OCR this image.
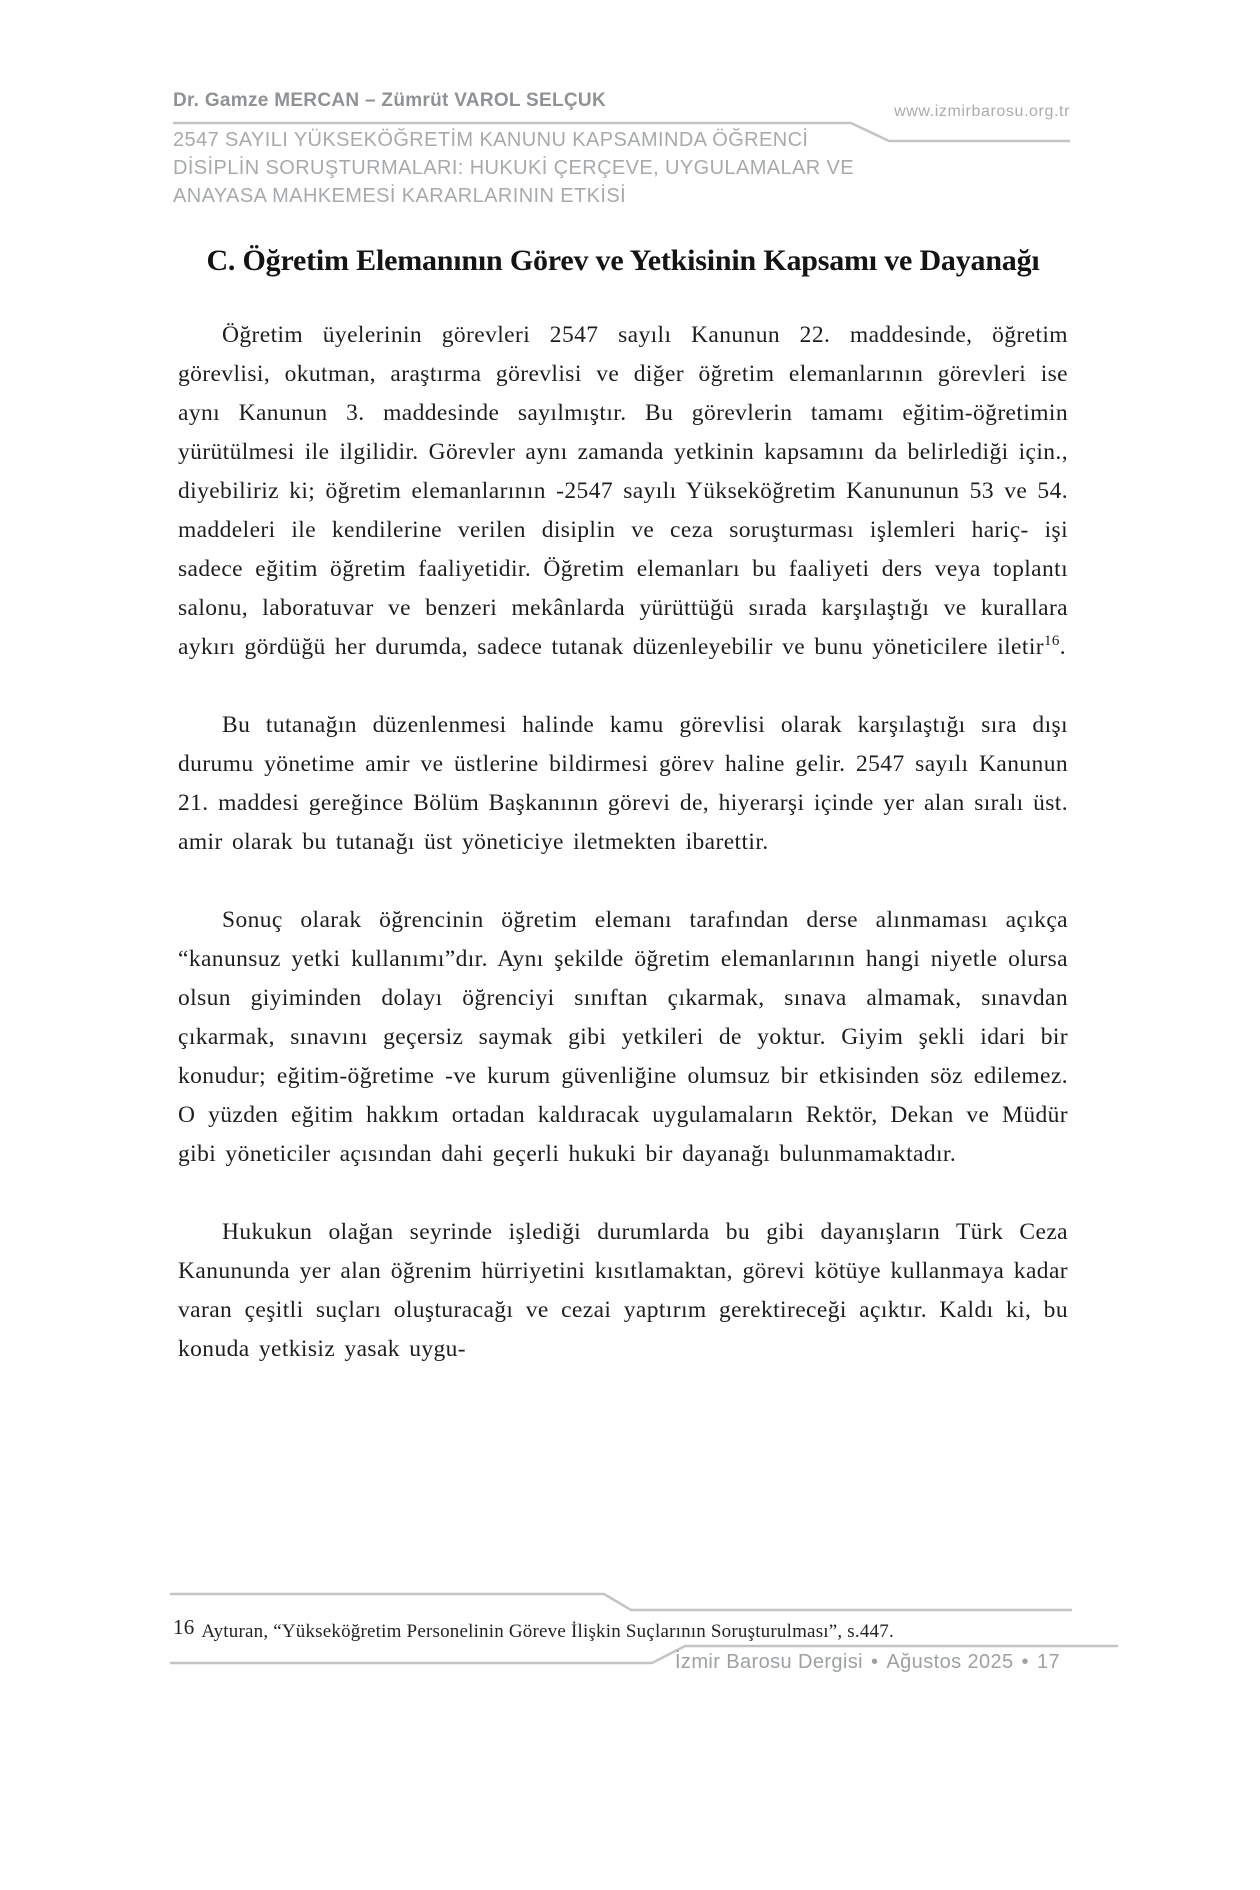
Dr. Gamze MERCAN – Zümrüt VAROL SELÇUK
www.izmirbarosu.org.tr
2547 SAYILI YÜKSEKÖĞRETİM KANUNU KAPSAMINDA ÖĞRENCİ
DİSİPLİN SORUŞTURMALARI: HUKUKİ ÇERÇEVE, UYGULAMALAR VE
ANAYASA MAHKEMESİ KARARLARININ ETKİSİ
C. Öğretim Elemanının Görev ve Yetkisinin Kapsamı ve Dayanağı

Öğretim üyelerinin görevleri 2547 sayılı Kanunun 22. maddesinde, öğretim görevlisi, okutman, araştırma görevlisi ve diğer öğretim elemanlarının görevleri ise aynı Kanunun 3. maddesinde sayılmıştır. Bu görevlerin tamamı eğitim-öğretimin yürütülmesi ile ilgilidir. Görevler aynı zamanda yetkinin kapsamını da belirlediği için., diyebiliriz ki; öğretim elemanlarının -2547 sayılı Yükseköğretim Kanununun 53 ve 54. maddeleri ile kendilerine verilen disiplin ve ceza soruşturması işlemleri hariç- işi sadece eğitim öğretim faaliyetidir. Öğretim elemanları bu faaliyeti ders veya toplantı salonu, laboratuvar ve benzeri mekânlarda yürüttüğü sırada karşılaştığı ve kurallara aykırı gördüğü her durumda, sadece tutanak düzenleyebilir ve bunu yöneticilere iletir$^{16}$.

Bu tutanağın düzenlenmesi halinde kamu görevlisi olarak karşılaştığı sıra dışı durumu yönetime amir ve üstlerine bildirmesi görev haline gelir. 2547 sayılı Kanunun 21. maddesi gereğince Bölüm Başkanının görevi de, hiyerarşi içinde yer alan sıralı üst. amir olarak bu tutanağı üst yöneticiye iletmekten ibarettir.

Sonuç olarak öğrencinin öğretim elemanı tarafından derse alınmaması açıkça “kanunsuz yetki kullanımı”dır. Aynı şekilde öğretim elemanlarının hangi niyetle olursa olsun giyiminden dolayı öğrenciyi sınıftan çıkarmak, sınava almamak, sınavdan çıkarmak, sınavını geçersiz saymak gibi yetkileri de yoktur. Giyim şekli idari bir konudur; eğitim-öğretime -ve kurum güvenliğine olumsuz bir etkisinden söz edilemez. O yüzden eğitim hakkım ortadan kaldıracak uygulamaların Rektör, Dekan ve Müdür gibi yöneticiler açısından dahi geçerli hukuki bir dayanağı bulunmamaktadır.

Hukukun olağan seyrinde işlediği durumlarda bu gibi dayanışların Türk Ceza Kanununda yer alan öğrenim hürriyetini kısıtlamaktan, görevi kötüye kullanmaya kadar varan çeşitli suçları oluşturacağı ve cezai yaptırım gerektireceği açıktır. Kaldı ki, bu konuda yetkisiz yasak uygu-

16 Ayturan, “Yükseköğretim Personelinin Göreve İlişkin Suçlarının Soruşturulması”, s.447.
İzmir Barosu Dergisi • Ağustos 2025 • 17
